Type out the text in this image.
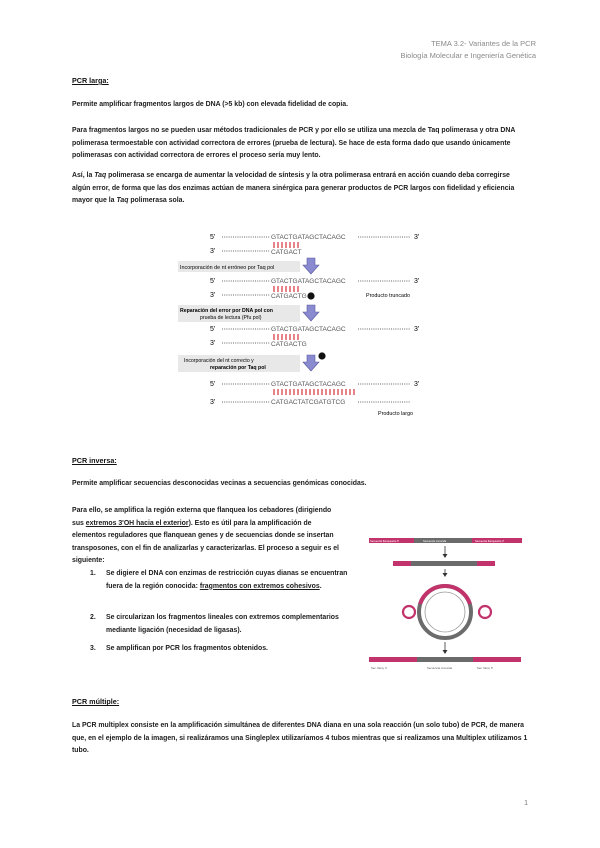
TEMA 3.2- Variantes de la PCR
Biología Molecular e Ingeniería Genética
PCR larga:
Permite amplificar fragmentos largos de DNA (>5 kb) con elevada fidelidad de copia.
Para fragmentos largos no se pueden usar métodos tradicionales de PCR y por ello se utiliza una mezcla de Taq polimerasa y otra DNA polimerasa termoestable con actividad correctora de errores (prueba de lectura). Se hace de esta forma dado que usando únicamente polimerasas con actividad correctora de errores el proceso sería muy lento.
Así, la Taq polimerasa se encarga de aumentar la velocidad de síntesis y la otra polimerasa entrará en acción cuando deba corregirse algún error, de forma que las dos enzimas actúan de manera sinérgica para generar productos de PCR largos con fidelidad y eficiencia mayor que la Taq polimerasa sola.
5'	GTACTGATAGCTACAGC	3'
3'	CATGACT
Incorporación de nt erróneo por Taq pol
5'	GTACTGATAGCTACAGC	3'
3'	CATGACTG	Producto truncado
Reparación del error por DNA pol con
prueba de lectura (Pfu pol)
5'	GTACTGATAGCTACAGC	3'
3'	CATGACTG
Incorporación del nt correcto y
reparación por Taq pol
5'	GTACTGATAGCTACAGC	3'
3'	CATGACTATCGATGTCG
Producto largo
PCR inversa:
Permite amplificar secuencias desconocidas vecinas a secuencias genómicas conocidas.
Para ello, se amplifica la región externa que flanquea los cebadores (dirigiendo sus extremos 3'OH hacia el exterior). Esto es útil para la amplificación de elementos reguladores que flanquean genes y de secuencias donde se insertan transposones, con el fin de analizarlas y caracterizarlas. El proceso a seguir es el siguiente:
1. Se digiere el DNA con enzimas de restricción cuyas dianas se encuentran fuera de la región conocida: fragmentos con extremos cohesivos.
2. Se circularizan los fragmentos lineales con extremos complementarios mediante ligación (necesidad de ligasas).
3. Se amplifican por PCR los fragmentos obtenidos.
Secuencia flanqueante 5'	Secuencia conocida	Secuencia flanqueante 3'
Sec. flanq. 3'	Secuencia conocida	Sec. flanq. 5'
PCR múltiple:
La PCR multiplex consiste en la amplificación simultánea de diferentes DNA diana en una sola reacción (un solo tubo) de PCR, de manera que, en el ejemplo de la imagen, si realizáramos una Singleplex utilizaríamos 4 tubos mientras que si realizamos una Multiplex utilizamos 1 tubo.
1
